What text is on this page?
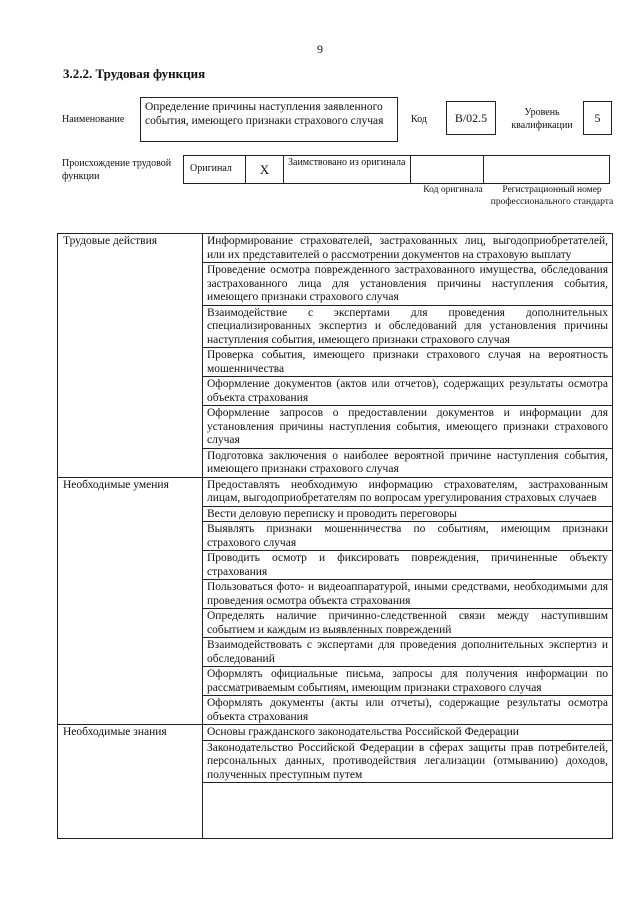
9
3.2.2. Трудовая функция
Наименование
Определение причины наступления заявленного события, имеющего признаки страхового случая	Код	B/02.5	Уровень квалификации
5
Происхождение трудовой функции
Оригинал	X	Заимствовано из оригинала
Код оригинала	Регистрационный номер профессионального стандарта
Трудовые действия	Информирование страхователей, застрахованных лиц, выгодоприобретателей, или их представителей о рассмотрении документов на страховую выплату
	Проведение осмотра поврежденного застрахованного имущества, обследования застрахованного лица для установления причины наступления события, имеющего признаки страхового случая
	Взаимодействие с экспертами для проведения дополнительных специализированных экспертиз и обследований для установления причины наступления события, имеющего признаки страхового случая
	Проверка события, имеющего признаки страхового случая на вероятность мошенничества
	Оформление документов (актов или отчетов), содержащих результаты осмотра объекта страхования
	Оформление запросов о предоставлении документов и информации для установления причины наступления события, имеющего признаки страхового случая
	Подготовка заключения о наиболее вероятной причине наступления события, имеющего признаки страхового случая
Необходимые умения	Предоставлять необходимую информацию страхователям, застрахованным лицам, выгодоприобретателям по вопросам урегулирования страховых случаев
	Вести деловую переписку и проводить переговоры
	Выявлять признаки мошенничества по событиям, имеющим признаки страхового случая
	Проводить осмотр и фиксировать повреждения, причиненные объекту страхования
	Пользоваться фото- и видеоаппаратурой, иными средствами, необходимыми для проведения осмотра объекта страхования
	Определять наличие причинно-следственной связи между наступившим событием и каждым из выявленных повреждений
	Взаимодействовать с экспертами для проведения дополнительных экспертиз и обследований
	Оформлять официальные письма, запросы для получения информации по рассматриваемым событиям, имеющим признаки страхового случая
	Оформлять документы (акты или отчеты), содержащие результаты осмотра объекта страхования
Необходимые знания	Основы гражданского законодательства Российской Федерации
	Законодательство Российской Федерации в сферах защиты прав потребителей, персональных данных, противодействия легализации (отмыванию) доходов, полученных преступным путем
